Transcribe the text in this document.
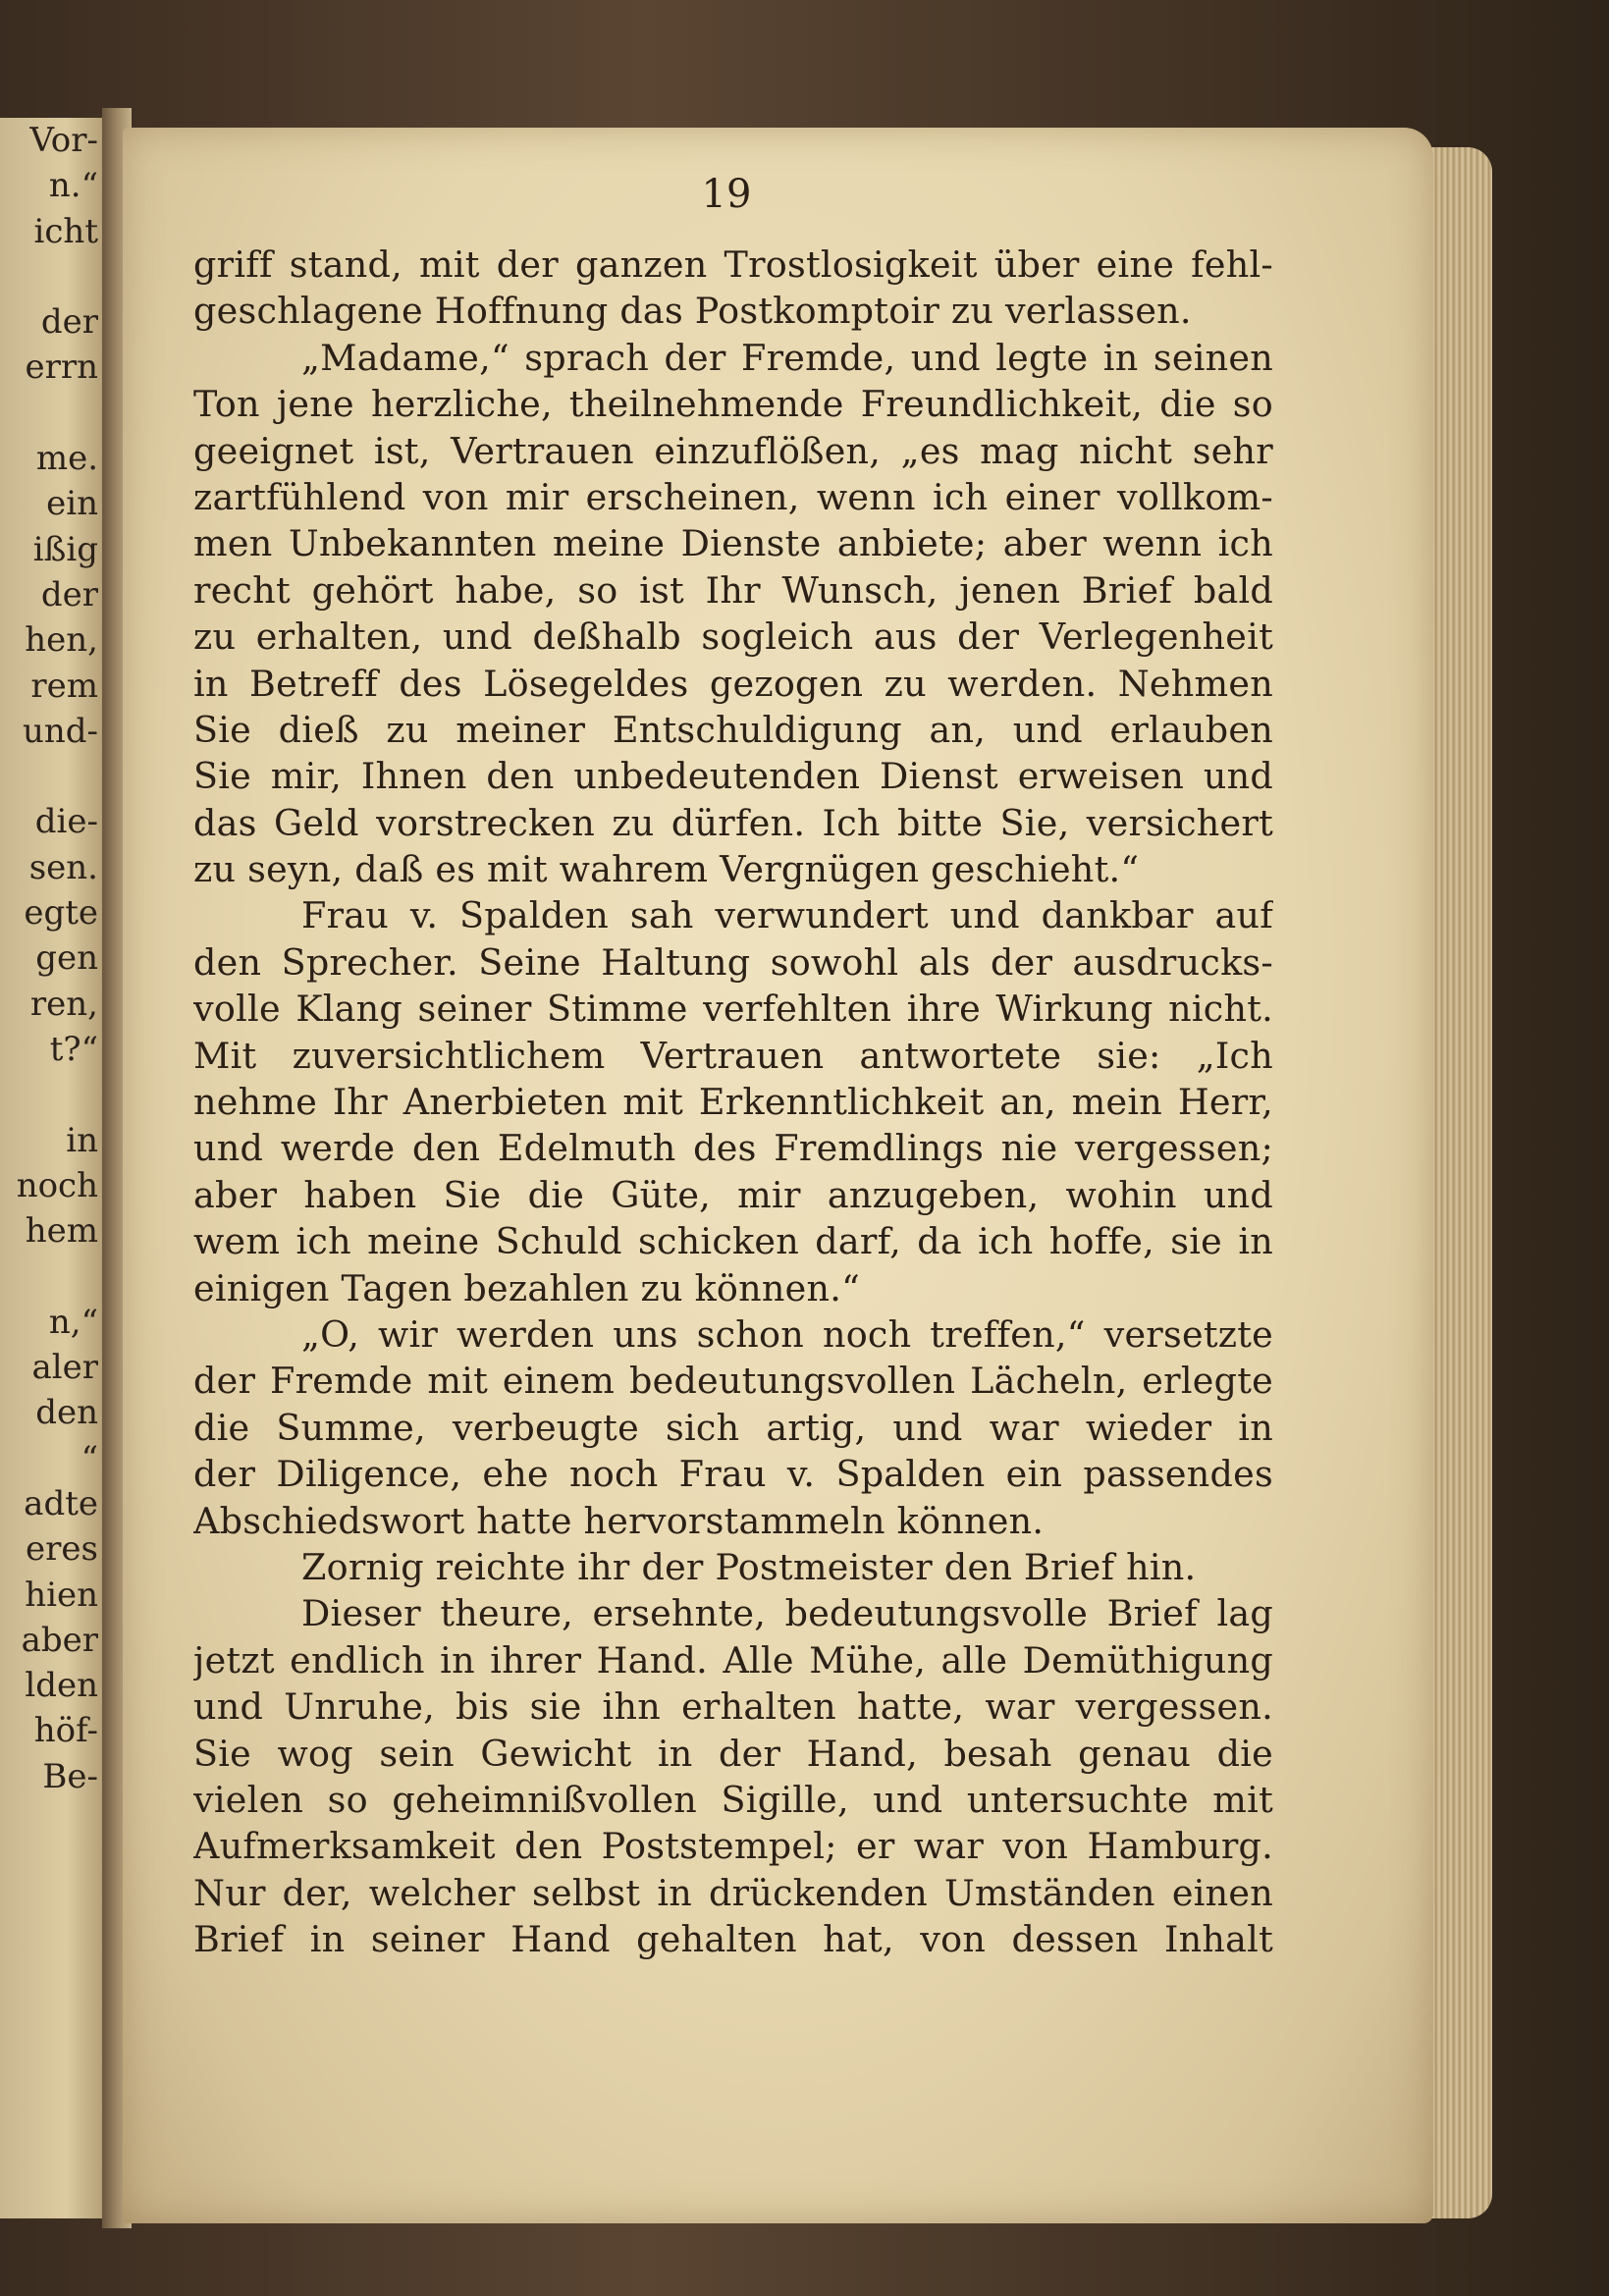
Vor-
n.“
icht
der
errn
me.
ein
ißig
der
hen,
rem
und-
die-
sen.
egte
gen
ren,
t?“
in
noch
hem
n,“
aler
den
“
adte
eres
hien
aber
lden
höf-
Be-
19
griff stand, mit der ganzen Trostlosigkeit über eine fehl-
geschlagene Hoffnung das Postkomptoir zu verlassen.
„Madame,“ sprach der Fremde, und legte in seinen
Ton jene herzliche, theilnehmende Freundlichkeit, die so
geeignet ist, Vertrauen einzuflößen, „es mag nicht sehr
zartfühlend von mir erscheinen, wenn ich einer vollkom-
men Unbekannten meine Dienste anbiete; aber wenn ich
recht gehört habe, so ist Ihr Wunsch, jenen Brief bald
zu erhalten, und deßhalb sogleich aus der Verlegenheit
in Betreff des Lösegeldes gezogen zu werden. Nehmen
Sie dieß zu meiner Entschuldigung an, und erlauben
Sie mir, Ihnen den unbedeutenden Dienst erweisen und
das Geld vorstrecken zu dürfen. Ich bitte Sie, versichert
zu seyn, daß es mit wahrem Vergnügen geschieht.“
Frau v. Spalden sah verwundert und dankbar auf
den Sprecher. Seine Haltung sowohl als der ausdrucks-
volle Klang seiner Stimme verfehlten ihre Wirkung nicht.
Mit zuversichtlichem Vertrauen antwortete sie: „Ich
nehme Ihr Anerbieten mit Erkenntlichkeit an, mein Herr,
und werde den Edelmuth des Fremdlings nie vergessen;
aber haben Sie die Güte, mir anzugeben, wohin und
wem ich meine Schuld schicken darf, da ich hoffe, sie in
einigen Tagen bezahlen zu können.“
„O, wir werden uns schon noch treffen,“ versetzte
der Fremde mit einem bedeutungsvollen Lächeln, erlegte
die Summe, verbeugte sich artig, und war wieder in
der Diligence, ehe noch Frau v. Spalden ein passendes
Abschiedswort hatte hervorstammeln können.
Zornig reichte ihr der Postmeister den Brief hin.
Dieser theure, ersehnte, bedeutungsvolle Brief lag
jetzt endlich in ihrer Hand. Alle Mühe, alle Demüthigung
und Unruhe, bis sie ihn erhalten hatte, war vergessen.
Sie wog sein Gewicht in der Hand, besah genau die
vielen so geheimnißvollen Sigille, und untersuchte mit
Aufmerksamkeit den Poststempel; er war von Hamburg.
Nur der, welcher selbst in drückenden Umständen einen
Brief in seiner Hand gehalten hat, von dessen Inhalt
